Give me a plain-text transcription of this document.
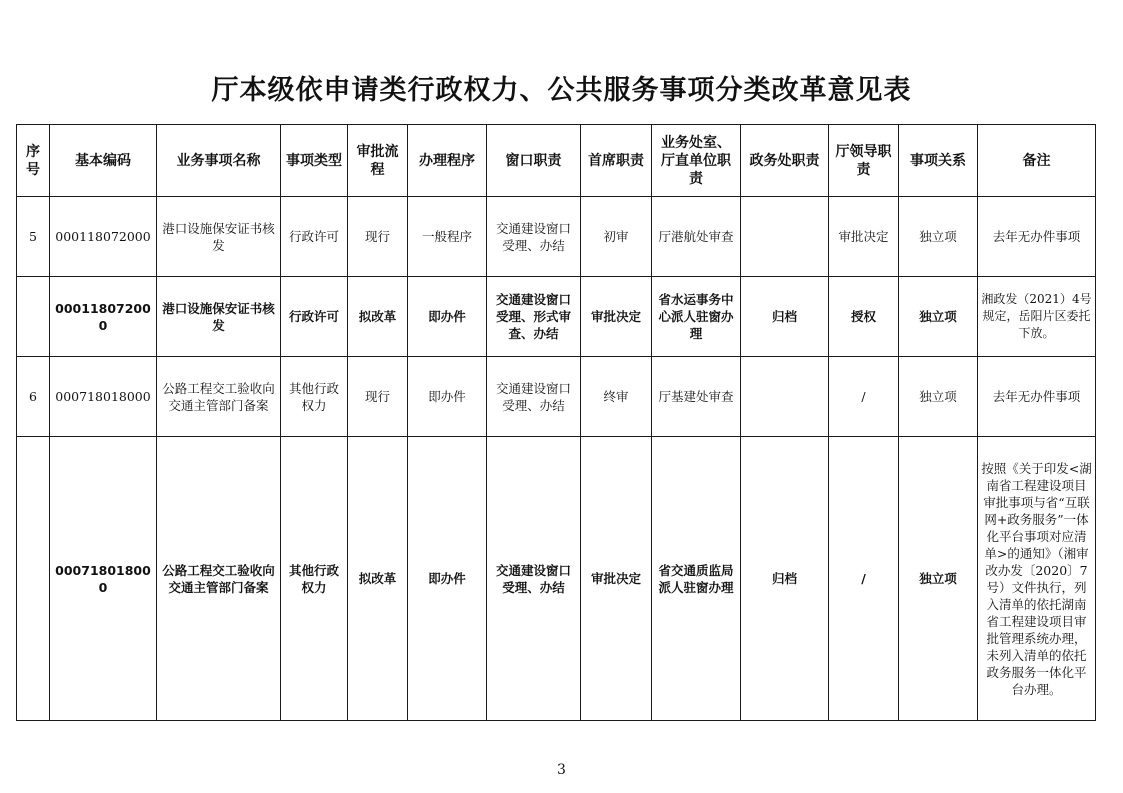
厅本级依申请类行政权力、公共服务事项分类改革意见表
序号	基本编码	业务事项名称	事项类型	审批流程	办理程序	窗口职责	首席职责	业务处室、厅直单位职责	政务处职责	厅领导职责	事项关系	备注
5	000118072000	港口设施保安证书核发	行政许可	现行	一般程序	交通建设窗口受理、办结	初审	厅港航处审查		审批决定	独立项	去年无办件事项
	000118072000	港口设施保安证书核发	行政许可	拟改革	即办件	交通建设窗口受理、形式审查、办结	审批决定	省水运事务中心派人驻窗办理	归档	授权	独立项	湘政发（2021）4号规定，岳阳片区委托下放。
6	000718018000	公路工程交工验收向交通主管部门备案	其他行政权力	现行	即办件	交通建设窗口受理、办结	终审	厅基建处审查		/	独立项	去年无办件事项
	000718018000	公路工程交工验收向交通主管部门备案	其他行政权力	拟改革	即办件	交通建设窗口受理、办结	审批决定	省交通质监局派人驻窗办理	归档	/	独立项	按照《关于印发<湖南省工程建设项目审批事项与省“互联网+政务服务”一体化平台事项对应清单>的通知》（湘审改办发〔2020〕7号）文件执行，列入清单的依托湖南省工程建设项目审批管理系统办理，未列入清单的依托政务服务一体化平台办理。
3
